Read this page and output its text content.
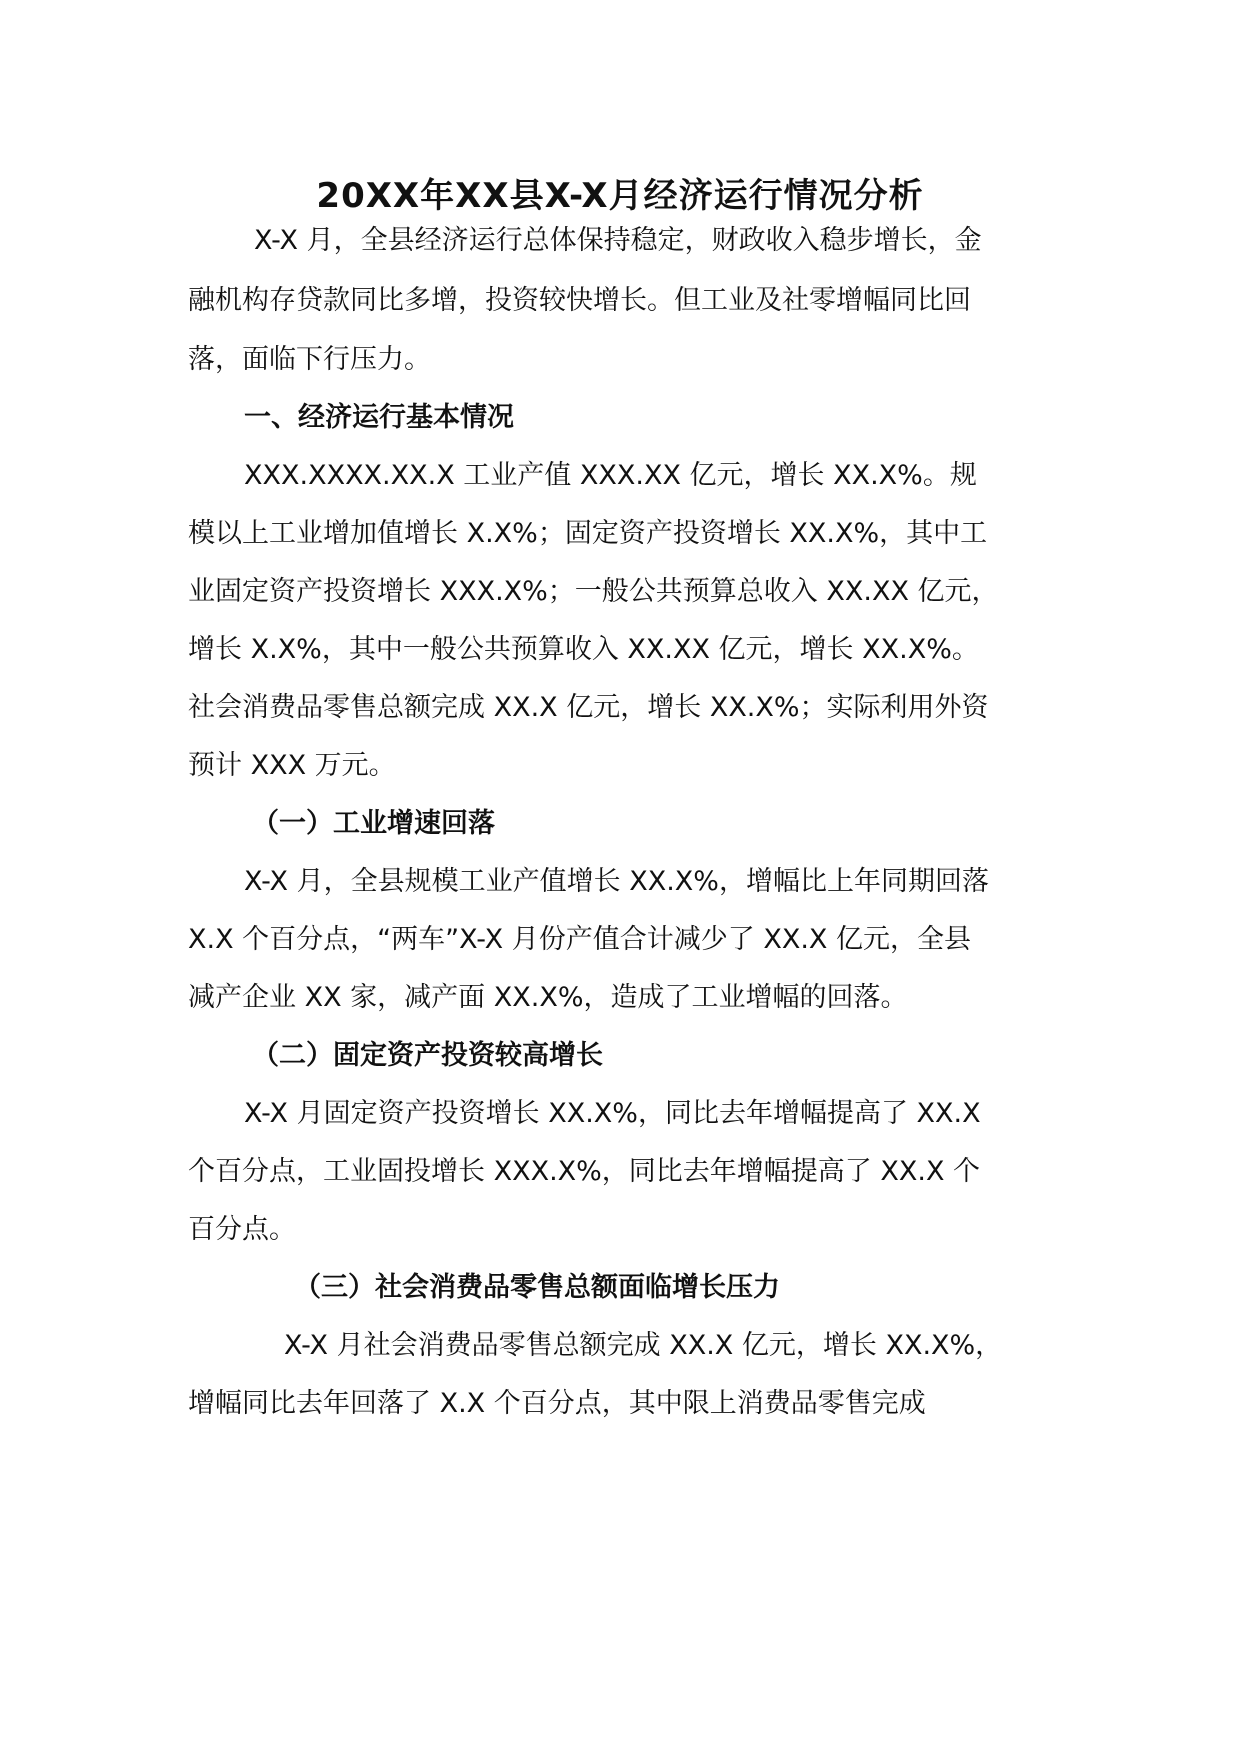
20XX年XX县X-X月经济运行情况分析
X-X 月，全县经济运行总体保持稳定，财政收入稳步增长，金
融机构存贷款同比多增，投资较快增长。但工业及社零增幅同比回
落，面临下行压力。
一、经济运行基本情况
XXX.XXXX.XX.X 工业产值 XXX.XX 亿元，增长 XX.X%。规
模以上工业增加值增长 X.X%；固定资产投资增长 XX.X%，其中工
业固定资产投资增长 XXX.X%；一般公共预算总收入 XX.XX 亿元，
增长 X.X%，其中一般公共预算收入 XX.XX 亿元，增长 XX.X%。
社会消费品零售总额完成 XX.X 亿元，增长 XX.X%；实际利用外资
预计 XXX 万元。
（一）工业增速回落
X-X 月，全县规模工业产值增长 XX.X%，增幅比上年同期回落
X.X 个百分点，“两车”X-X 月份产值合计减少了 XX.X 亿元，全县
减产企业 XX 家，减产面 XX.X%，造成了工业增幅的回落。
（二）固定资产投资较高增长
X-X 月固定资产投资增长 XX.X%，同比去年增幅提高了 XX.X
个百分点，工业固投增长 XXX.X%，同比去年增幅提高了 XX.X 个
百分点。
（三）社会消费品零售总额面临增长压力
X-X 月社会消费品零售总额完成 XX.X 亿元，增长 XX.X%，
增幅同比去年回落了 X.X 个百分点，其中限上消费品零售完成
